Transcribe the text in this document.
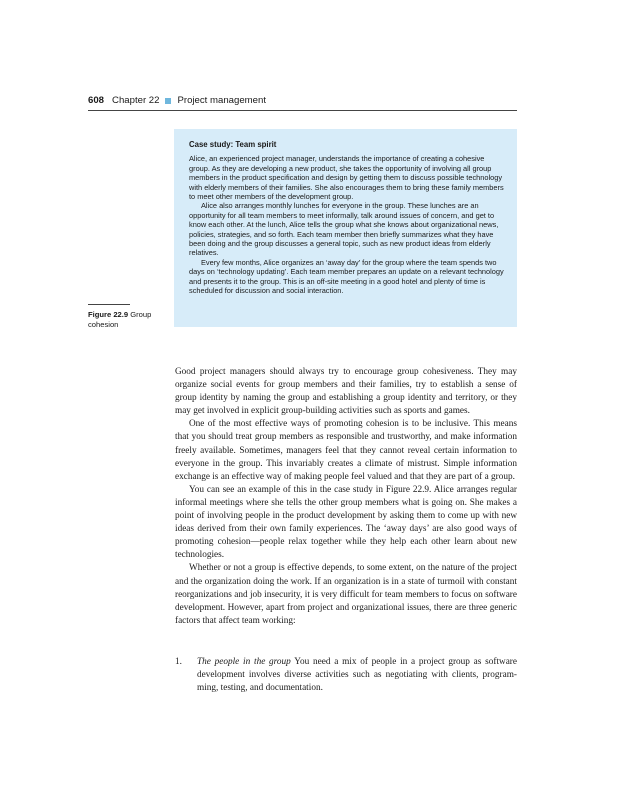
608 Chapter 22 Project management
Case study: Team spirit

Alice, an experienced project manager, understands the importance of creating a cohesive group. As they are developing a new product, she takes the opportunity of involving all group members in the product specification and design by getting them to discuss possible technology with elderly members of their families. She also encourages them to bring these family members to meet other members of the development group.

Alice also arranges monthly lunches for everyone in the group. These lunches are an opportunity for all team members to meet informally, talk around issues of concern, and get to know each other. At the lunch, Alice tells the group what she knows about organizational news, policies, strategies, and so forth. Each team member then briefly summarizes what they have been doing and the group discusses a general topic, such as new product ideas from elderly relatives.

Every few months, Alice organizes an ‘away day’ for the group where the team spends two days on ‘technology updating’. Each team member prepares an update on a relevant technology and presents it to the group. This is an off-site meeting in a good hotel and plenty of time is scheduled for discussion and social interaction.

Figure 22.9 Group cohesion

Good project managers should always try to encourage group cohesiveness. They may organize social events for group members and their families, try to establish a sense of group identity by naming the group and establishing a group identity and territory, or they may get involved in explicit group-building activities such as sports and games.

One of the most effective ways of promoting cohesion is to be inclusive. This means that you should treat group members as responsible and trustworthy, and make information freely available. Sometimes, managers feel that they cannot reveal certain information to everyone in the group. This invariably creates a climate of mistrust. Simple information exchange is an effective way of making people feel valued and that they are part of a group.

You can see an example of this in the case study in Figure 22.9. Alice arranges regular informal meetings where she tells the other group members what is going on. She makes a point of involving people in the product development by asking them to come up with new ideas derived from their own family experiences. The ‘away days’ are also good ways of promoting cohesion—people relax together while they help each other learn about new technologies.

Whether or not a group is effective depends, to some extent, on the nature of the project and the organization doing the work. If an organization is in a state of turmoil with constant reorganizations and job insecurity, it is very difficult for team members to focus on software development. However, apart from project and organizational issues, there are three generic factors that affect team working:

1.	The people in the group You need a mix of people in a project group as software development involves diverse activities such as negotiating with clients, programming, testing, and documentation.
